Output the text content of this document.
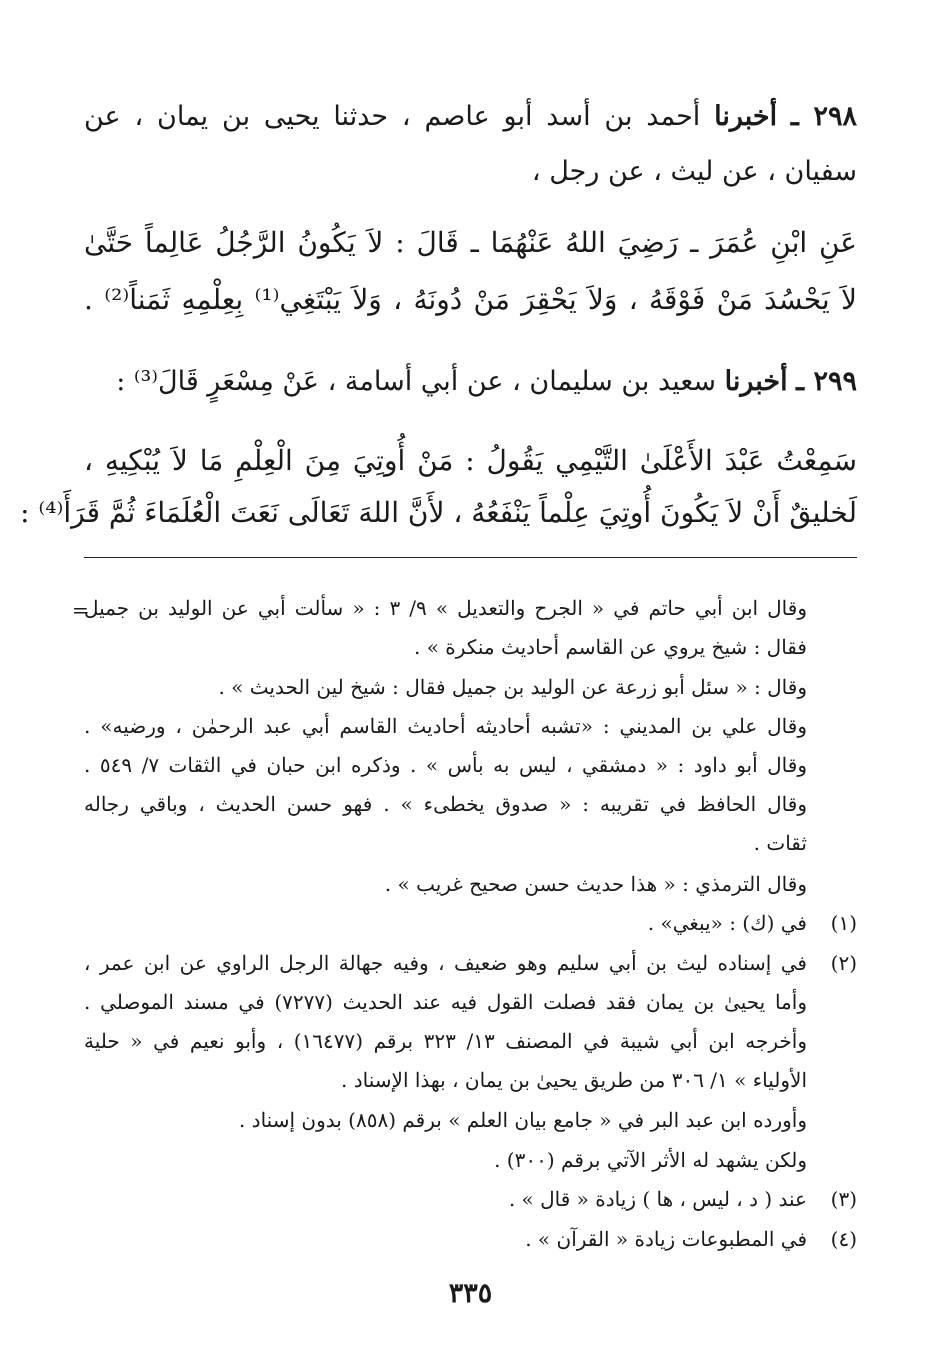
٢٩٨ ـ أخبرنا أحمد بن أسد أبو عاصم ، حدثنا يحيى بن يمان ، عن
سفيان ، عن ليث ، عن رجل ،
عَنِ ابْنِ عُمَرَ ـ رَضِيَ اللهُ عَنْهُمَا ـ قَالَ : لاَ يَكُونُ الرَّجُلُ عَالِماً حَتَّىٰ
لاَ يَحْسُدَ مَنْ فَوْقَهُ ، وَلاَ يَحْقِرَ مَنْ دُونَهُ ، وَلاَ يَبْتَغِي⁽¹⁾ بِعِلْمِهِ ثَمَناً⁽²⁾ .
٢٩٩ ـ أخبرنا سعيد بن سليمان ، عن أبي أسامة ، عَنْ مِسْعَرٍ قَالَ⁽³⁾ :
سَمِعْتُ عَبْدَ الأَعْلَىٰ التَّيْمِي يَقُولُ : مَنْ أُوتِيَ مِنَ الْعِلْمِ مَا لاَ يُبْكِيهِ ،
لَخليقٌ أَنْ لاَ يَكُونَ أُوتِيَ عِلْماً يَنْفَعُهُ ، لأَنَّ اللهَ تَعَالَى نَعَتَ الْعُلَمَاءَ ثُمَّ قَرَأَ⁽⁴⁾ :
=
وقال ابن أبي حاتم في « الجرح والتعديل » ٩/ ٣ : « سألت أبي عن الوليد بن جميل
فقال : شيخ يروي عن القاسم أحاديث منكرة » .
وقال : « سئل أبو زرعة عن الوليد بن جميل فقال : شيخ لين الحديث » .
وقال علي بن المديني : «تشبه أحاديثه أحاديث القاسم أبي عبد الرحمٰن ، ورضيه» .
وقال أبو داود : « دمشقي ، ليس به بأس » . وذكره ابن حبان في الثقات ٧/ ٥٤٩ .
وقال الحافظ في تقريبه : « صدوق يخطىء » . فهو حسن الحديث ، وباقي رجاله
ثقات .
وقال الترمذي : « هذا حديث حسن صحيح غريب » .
(١)
في (ك) : «يبغي» .
(٢)
في إسناده ليث بن أبي سليم وهو ضعيف ، وفيه جهالة الرجل الراوي عن ابن عمر ،
وأما يحيىٰ بن يمان فقد فصلت القول فيه عند الحديث (٧٢٧٧) في مسند الموصلي .
وأخرجه ابن أبي شيبة في المصنف ١٣/ ٣٢٣ برقم (١٦٤٧٧) ، وأبو نعيم في « حلية
الأولياء » ١/ ٣٠٦ من طريق يحيىٰ بن يمان ، بهذا الإسناد .
وأورده ابن عبد البر في « جامع بيان العلم » برقم (٨٥٨) بدون إسناد .
ولكن يشهد له الأثر الآتي برقم (٣٠٠) .
(٣)
عند ( د ، ليس ، ها ) زيادة « قال » .
(٤)
في المطبوعات زيادة « القرآن » .
٣٣٥
